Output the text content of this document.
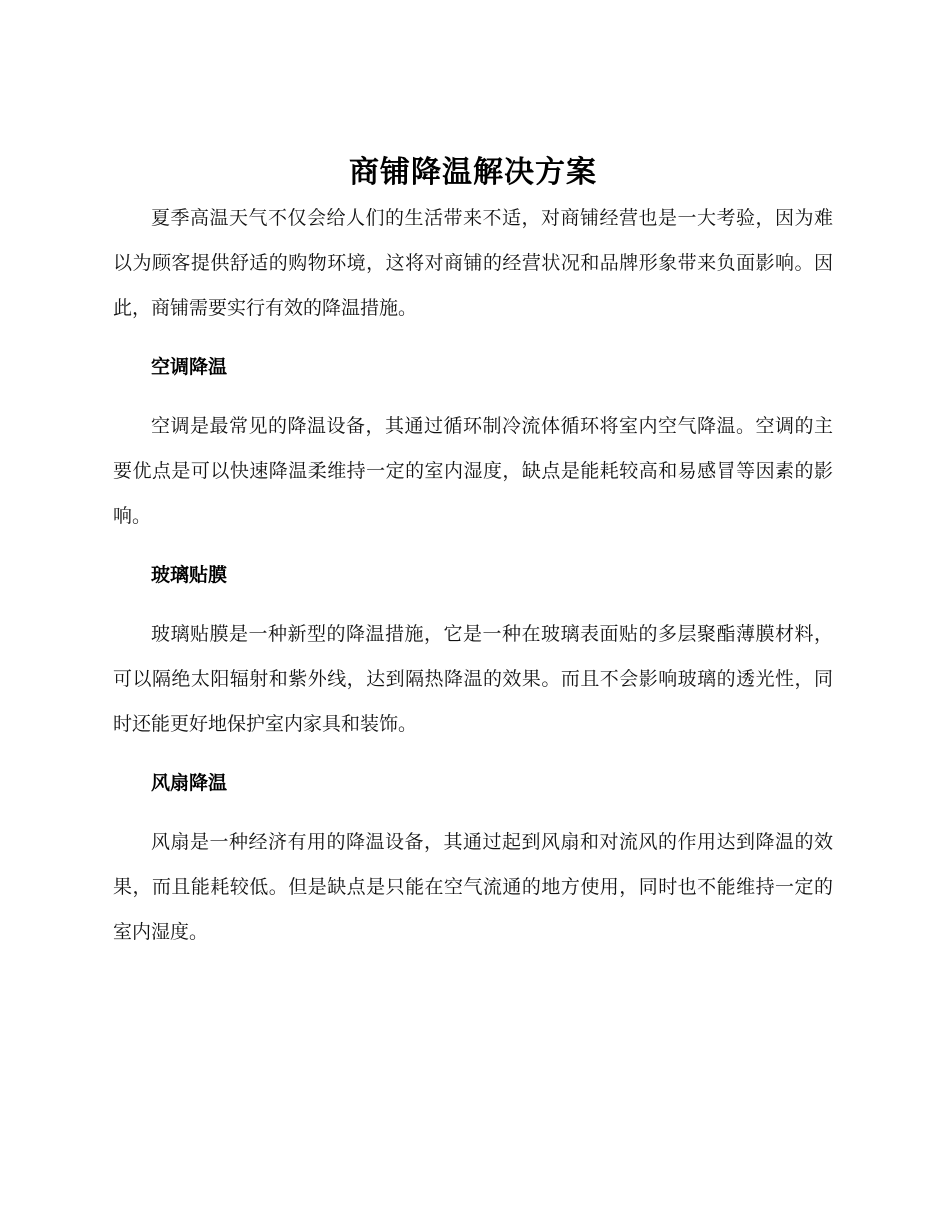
商铺降温解决方案

夏季高温天气不仅会给人们的生活带来不适，对商铺经营也是一大考验，因为难以为顾客提供舒适的购物环境，这将对商铺的经营状况和品牌形象带来负面影响。因此，商铺需要实行有效的降温措施。

空调降温

空调是最常见的降温设备，其通过循环制冷流体循环将室内空气降温。空调的主要优点是可以快速降温柔维持一定的室内湿度，缺点是能耗较高和易感冒等因素的影响。

玻璃贴膜

玻璃贴膜是一种新型的降温措施，它是一种在玻璃表面贴的多层聚酯薄膜材料，可以隔绝太阳辐射和紫外线，达到隔热降温的效果。而且不会影响玻璃的透光性，同时还能更好地保护室内家具和装饰。

风扇降温

风扇是一种经济有用的降温设备，其通过起到风扇和对流风的作用达到降温的效果，而且能耗较低。但是缺点是只能在空气流通的地方使用，同时也不能维持一定的室内湿度。
